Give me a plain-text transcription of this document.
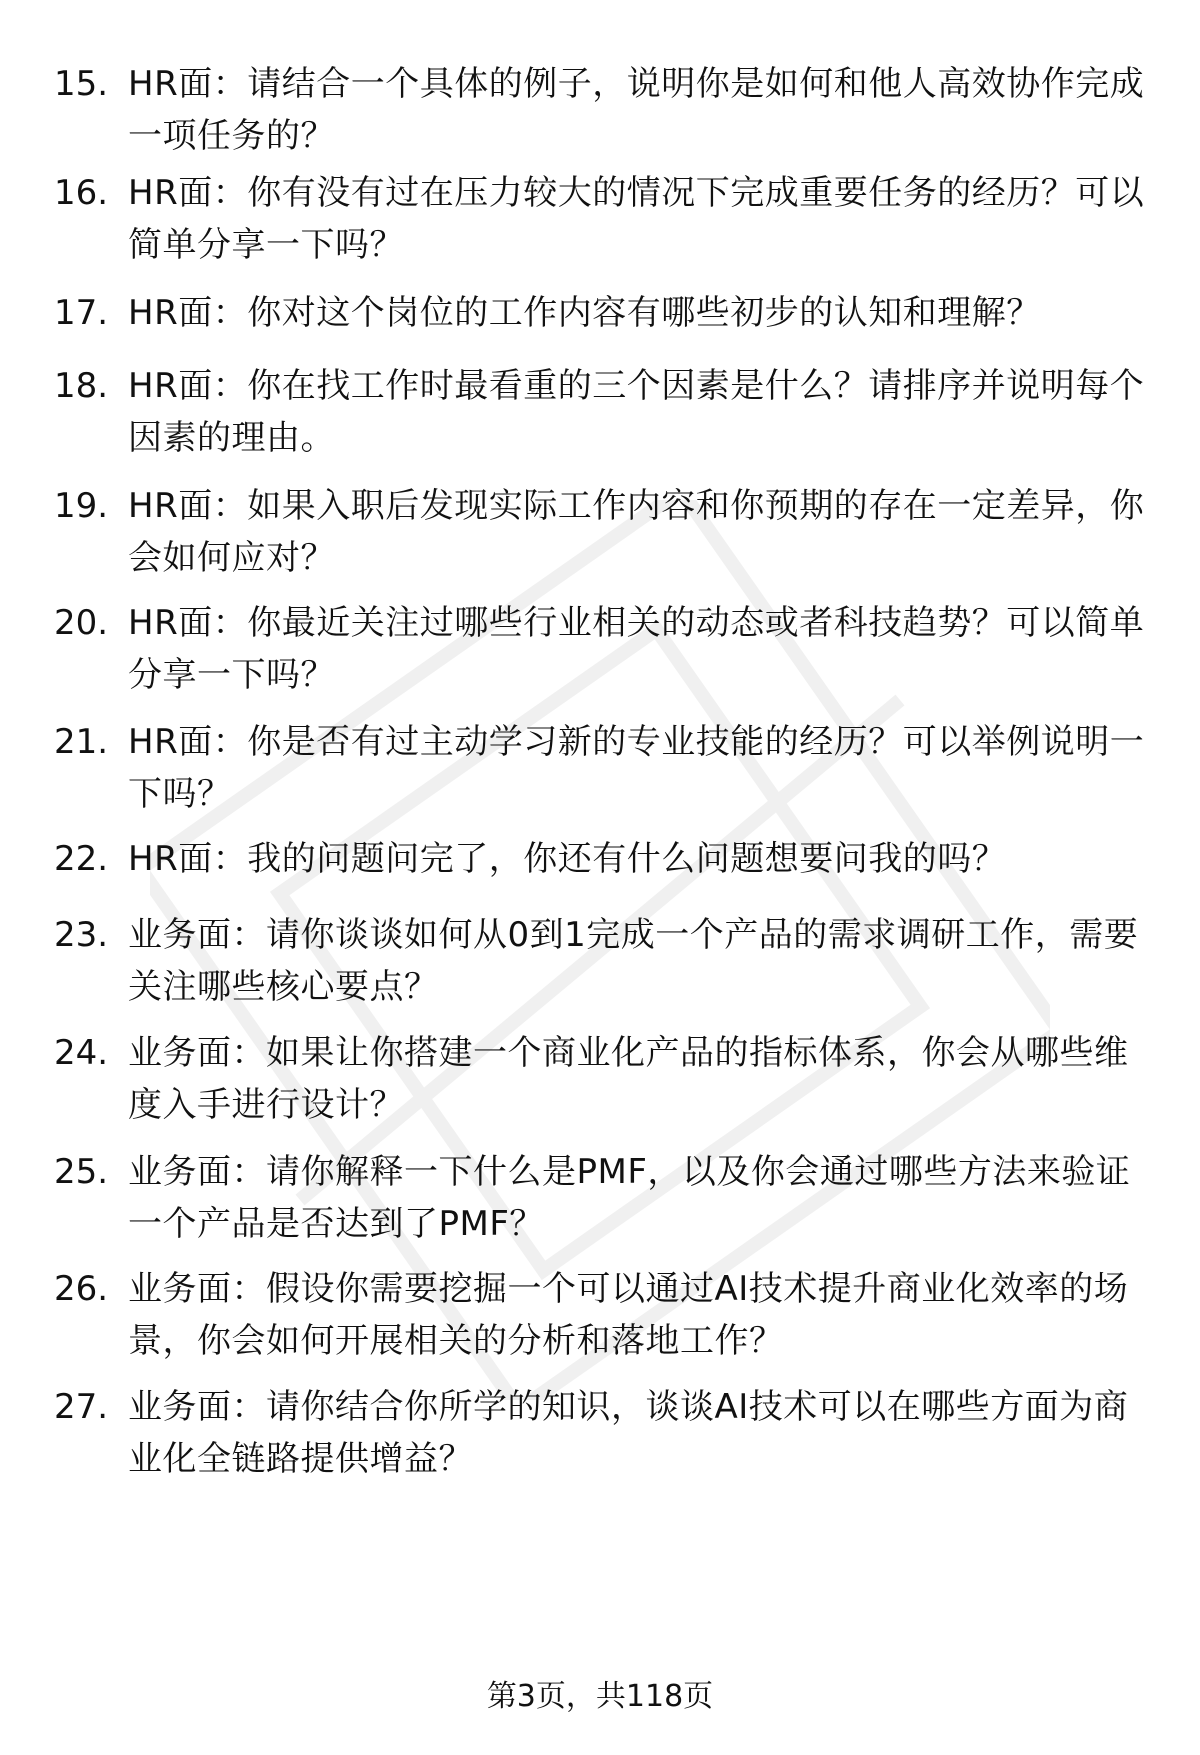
15. HR面：请结合一个具体的例子，说明你是如何和他人高效协作完成一项任务的？
16. HR面：你有没有过在压力较大的情况下完成重要任务的经历？可以简单分享一下吗？
17. HR面：你对这个岗位的工作内容有哪些初步的认知和理解？
18. HR面：你在找工作时最看重的三个因素是什么？请排序并说明每个因素的理由。
19. HR面：如果入职后发现实际工作内容和你预期的存在一定差异，你会如何应对？
20. HR面：你最近关注过哪些行业相关的动态或者科技趋势？可以简单分享一下吗？
21. HR面：你是否有过主动学习新的专业技能的经历？可以举例说明一下吗？
22. HR面：我的问题问完了，你还有什么问题想要问我的吗？
23. 业务面：请你谈谈如何从0到1完成一个产品的需求调研工作，需要关注哪些核心要点？
24. 业务面：如果让你搭建一个商业化产品的指标体系，你会从哪些维度入手进行设计？
25. 业务面：请你解释一下什么是PMF，以及你会通过哪些方法来验证一个产品是否达到了PMF？
26. 业务面：假设你需要挖掘一个可以通过AI技术提升商业化效率的场景，你会如何开展相关的分析和落地工作？
27. 业务面：请你结合你所学的知识，谈谈AI技术可以在哪些方面为商业化全链路提供增益？
第3页，共118页
